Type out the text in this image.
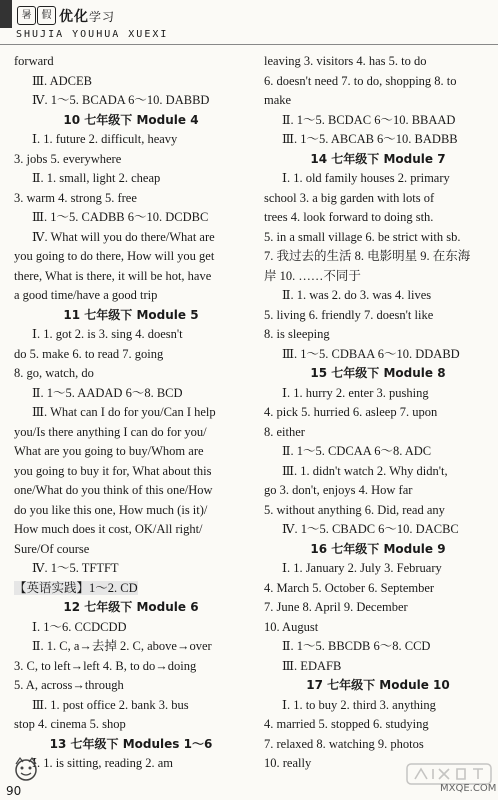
暑	假 优化学习
SHUJIA YOUHUA XUEXI
forward
Ⅲ. ADCEB
Ⅳ. 1～5. BCADA 6～10. DABBD
10 七年级下 Module 4
Ⅰ. 1. future 2. difficult, heavy
3. jobs 5. everywhere
Ⅱ. 1. small, light 2. cheap
3. warm 4. strong 5. free
Ⅲ. 1～5. CADBB 6～10. DCDBC
Ⅳ. What will you do there/What are
you going to do there, How will you get
there, What is there, it will be hot, have
a good time/have a good trip
11 七年级下 Module 5
Ⅰ. 1. got 2. is 3. sing 4. doesn't
do 5. make 6. to read 7. going
8. go, watch, do
Ⅱ. 1～5. AADAD 6～8. BCD
Ⅲ. What can I do for you/Can I help
you/Is there anything I can do for you/
What are you going to buy/Whom are
you going to buy it for, What about this
one/What do you think of this one/How
do you like this one, How much (is it)/
How much does it cost, OK/All right/
Sure/Of course
Ⅳ. 1～5. TFTFT
【英语实践】1～2. CD
12 七年级下 Module 6
Ⅰ. 1～6. CCDCDD
Ⅱ. 1. C, a→去掉 2. C, above→over
3. C, to left→left 4. B, to do→doing
5. A, across→through
Ⅲ. 1. post office 2. bank 3. bus
stop 4. cinema 5. shop
13 七年级下 Modules 1～6
Ⅰ. 1. is sitting, reading 2. am
leaving 3. visitors 4. has 5. to do
6. doesn't need 7. to do, shopping 8. to
make
Ⅱ. 1～5. BCDAC 6～10. BBAAD
Ⅲ. 1～5. ABCAB 6～10. BADBB
14 七年级下 Module 7
Ⅰ. 1. old family houses 2. primary
school 3. a big garden with lots of
trees 4. look forward to doing sth.
5. in a small village 6. be strict with sb.
7. 我过去的生活 8. 电影明星 9. 在东海
岸 10. ……不同于
Ⅱ. 1. was 2. do 3. was 4. lives
5. living 6. friendly 7. doesn't like
8. is sleeping
Ⅲ. 1～5. CDBAA 6～10. DDABD
15 七年级下 Module 8
Ⅰ. 1. hurry 2. enter 3. pushing
4. pick 5. hurried 6. asleep 7. upon
8. either
Ⅱ. 1～5. CDCAA 6～8. ADC
Ⅲ. 1. didn't watch 2. Why didn't,
go 3. don't, enjoys 4. How far
5. without anything 6. Did, read any
Ⅳ. 1～5. CBADC 6～10. DACBC
16 七年级下 Module 9
Ⅰ. 1. January 2. July 3. February
4. March 5. October 6. September
7. June 8. April 9. December
10. August
Ⅱ. 1～5. BBCDB 6～8. CCD
Ⅲ. EDAFB
17 七年级下 Module 10
Ⅰ. 1. to buy 2. third 3. anything
4. married 5. stopped 6. studying
7. relaxed 8. watching 9. photos
10. really
90	MXQE.COM
